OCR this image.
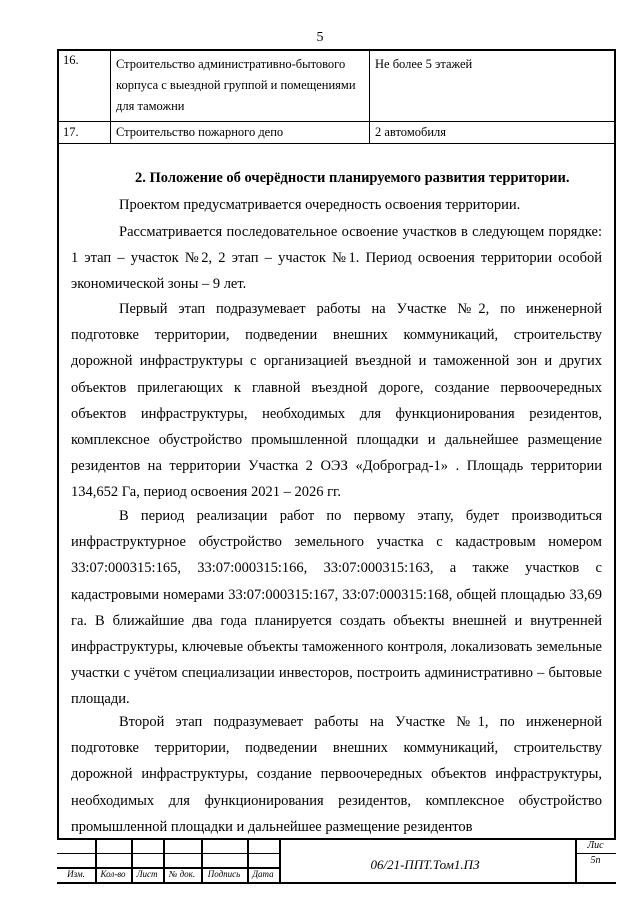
5
16.	Строительство административно-бытового корпуса с выездной группой и помещениями для таможни	Не более 5 этажей
17.	Строительство пожарного депо	2 автомобиля
2. Положение об очерёдности планируемого развития территории.

Проектом предусматривается очередность освоения территории.

Рассматривается последовательное освоение участков в следующем порядке: 1 этап – участок №2, 2 этап – участок №1. Период освоения территории особой экономической зоны – 9 лет.

Первый этап подразумевает работы на Участке №2, по инженерной подготовке территории, подведении внешних коммуникаций, строительству дорожной инфраструктуры с организацией въездной и таможенной зон и других объектов прилегающих к главной въездной дороге, создание первоочередных объектов инфраструктуры, необходимых для функционирования резидентов, комплексное обустройство промышленной площадки и дальнейшее размещение резидентов на территории Участка 2 ОЭЗ «Доброград-1» . Площадь территории 134,652 Га, период освоения 2021 – 2026 гг.

В период реализации работ по первому этапу, будет производиться инфраструктурное обустройство земельного участка с кадастровым номером 33:07:000315:165, 33:07:000315:166, 33:07:000315:163, а также участков с кадастровыми номерами 33:07:000315:167, 33:07:000315:168, общей площадью 33,69 га. В ближайшие два года планируется создать объекты внешней и внутренней инфраструктуры, ключевые объекты таможенного контроля, локализовать земельные участки с учётом специализации инвесторов, построить административно – бытовые площади.

Второй этап подразумевает работы на Участке №1, по инженерной подготовке территории, подведении внешних коммуникаций, строительству дорожной инфраструктуры, создание первоочередных объектов инфраструктуры, необходимых для функционирования резидентов, комплексное обустройство промышленной площадки и дальнейшее размещение резидентов

Изм.	Кол-во	Лист	№ док.	Подпись	Дата
06/21-ППТ.Том1.ПЗ
Лис
5n
